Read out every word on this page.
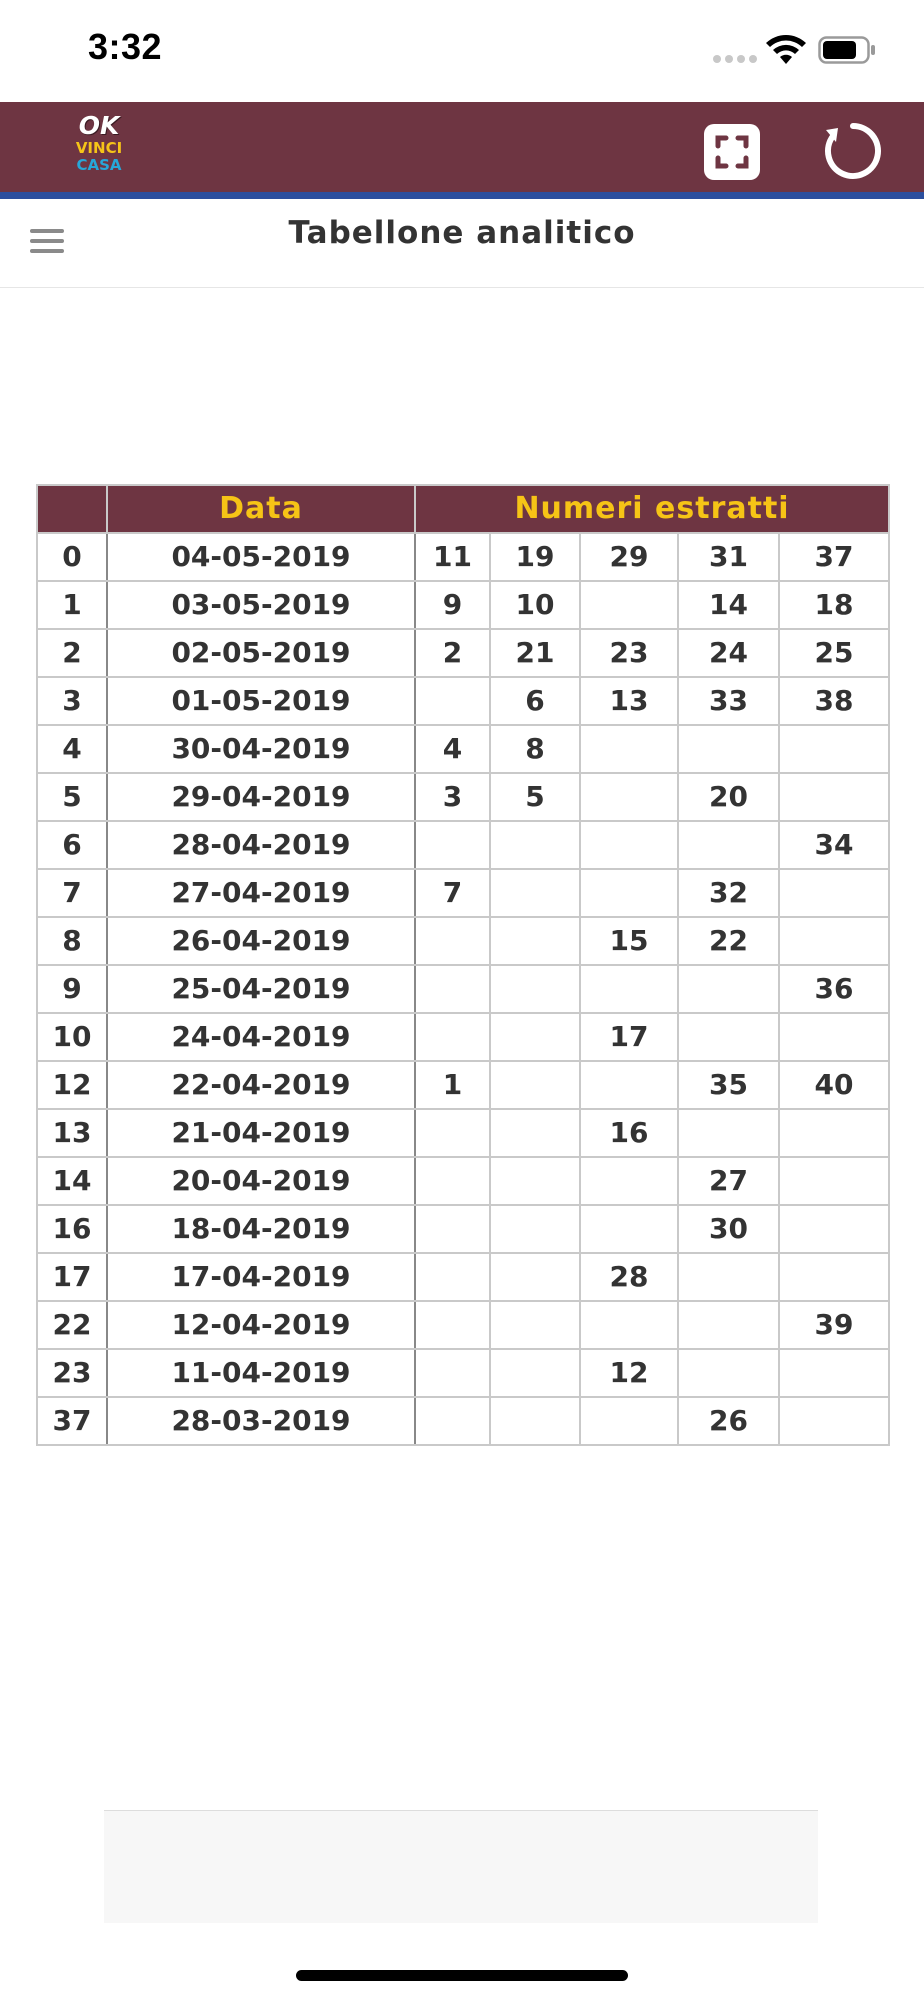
3:32
OK
VINCI
CASA
Tabellone analitico
	Data	Numeri estratti				
0	04-05-2019	11	19	29	31	37
1	03-05-2019	9	10		14	18
2	02-05-2019	2	21	23	24	25
3	01-05-2019		6	13	33	38
4	30-04-2019	4	8			
5	29-04-2019	3	5		20	
6	28-04-2019					34
7	27-04-2019	7			32	
8	26-04-2019			15	22	
9	25-04-2019					36
10	24-04-2019			17		
12	22-04-2019	1			35	40
13	21-04-2019			16		
14	20-04-2019				27	
16	18-04-2019				30	
17	17-04-2019			28		
22	12-04-2019					39
23	11-04-2019			12		
37	28-03-2019				26	
